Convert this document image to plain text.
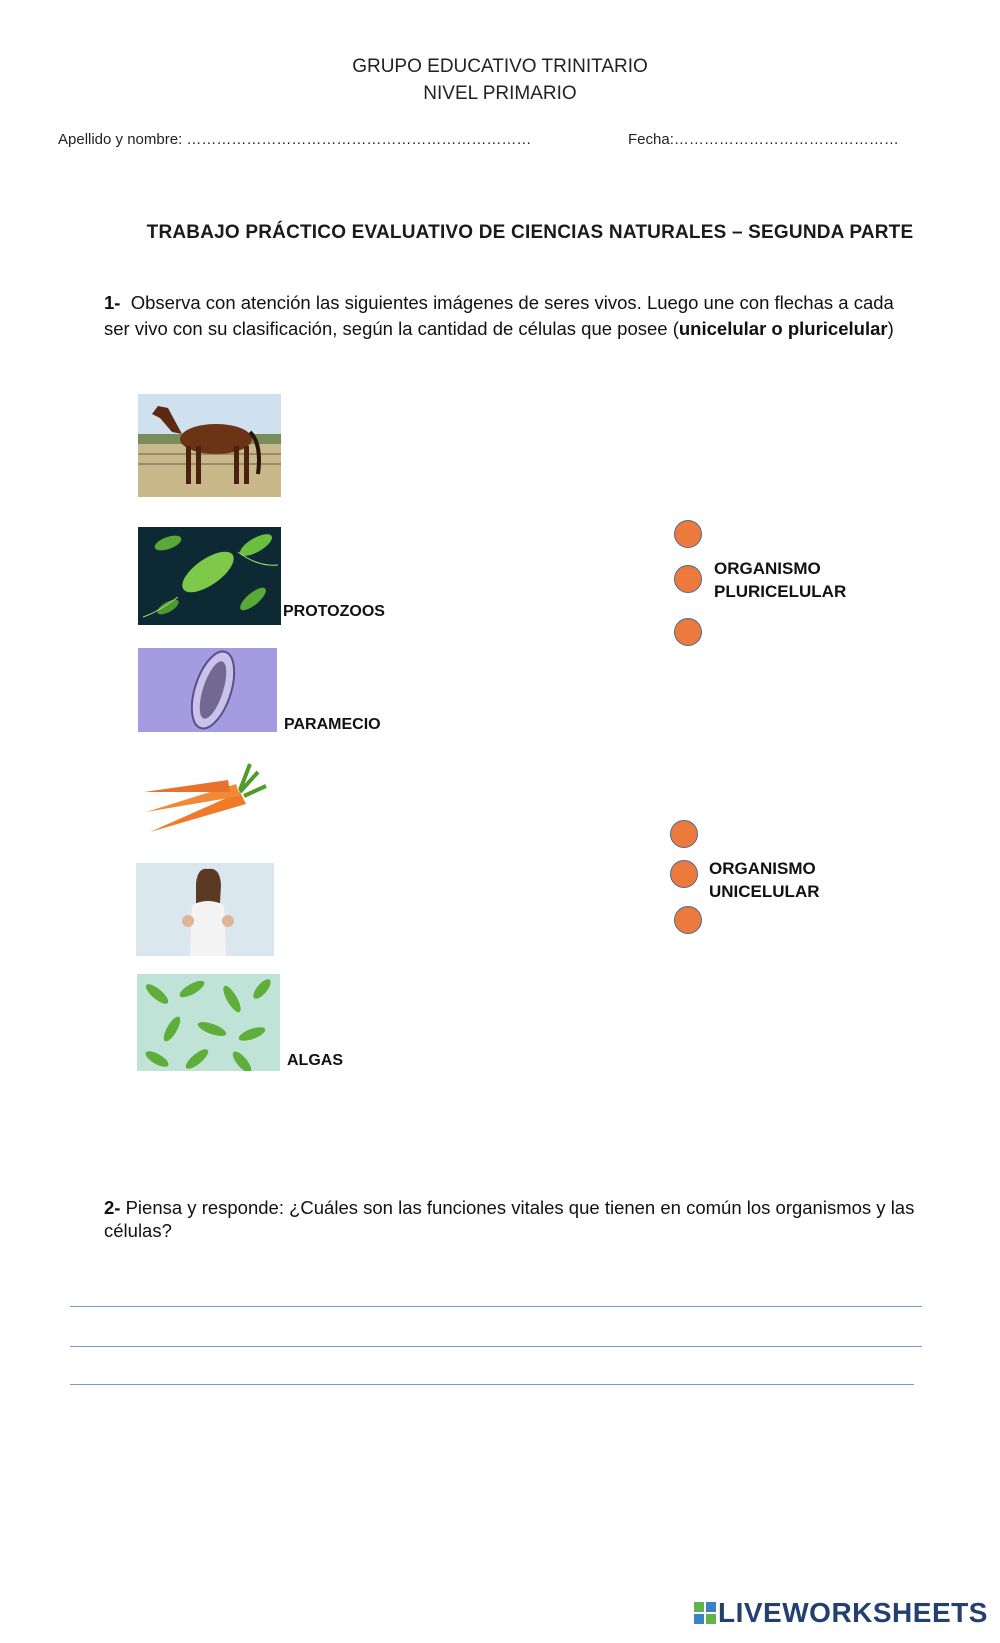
GRUPO EDUCATIVO TRINITARIO
NIVEL PRIMARIO
Apellido y nombre: ……………………………………………………………	Fecha:………………………………………
TRABAJO PRÁCTICO EVALUATIVO DE CIENCIAS NATURALES – SEGUNDA PARTE
1- Observa con atención las siguientes imágenes de seres vivos. Luego une con flechas a cada ser vivo con su clasificación, según la cantidad de células que posee (unicelular o pluricelular)
PROTOZOOS
PARAMECIO
ALGAS
ORGANISMO
PLURICELULAR
ORGANISMO
UNICELULAR
2- Piensa y responde: ¿Cuáles son las funciones vitales que tienen en común los organismos y las células?
LIVEWORKSHEETS
